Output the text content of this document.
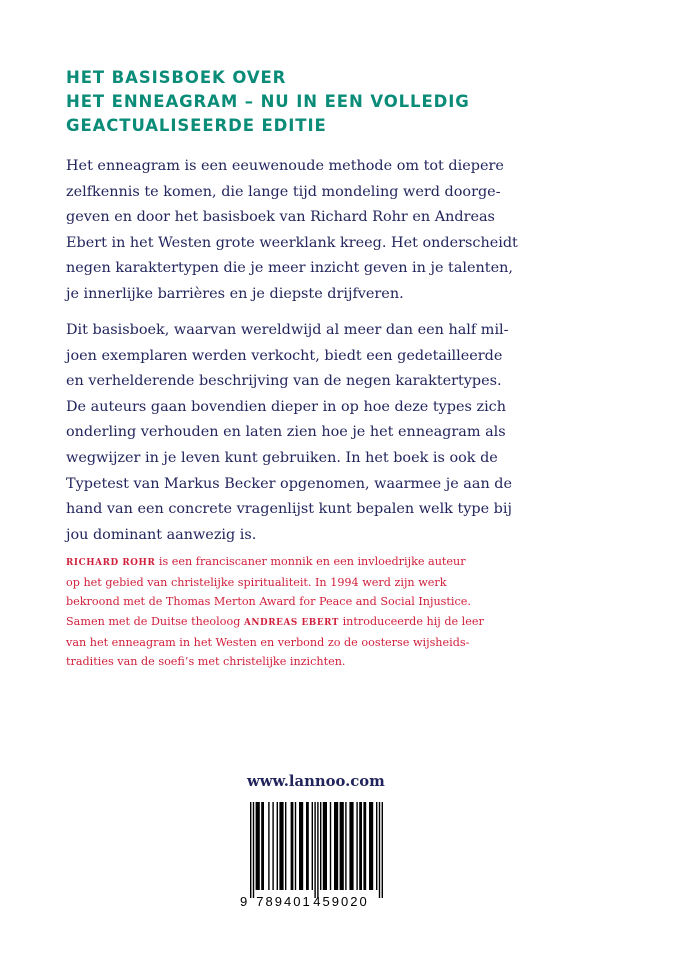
HET BASISBOEK OVER
HET ENNEAGRAM – NU IN EEN VOLLEDIG
GEACTUALISEERDE EDITIE
Het enneagram is een eeuwenoude methode om tot diepere
zelfkennis te komen, die lange tijd mondeling werd doorge-
geven en door het basisboek van Richard Rohr en Andreas
Ebert in het Westen grote weerklank kreeg. Het onderscheidt
negen karaktertypen die je meer inzicht geven in je talenten,
je innerlijke barrières en je diepste drijfveren.
Dit basisboek, waarvan wereldwijd al meer dan een half mil-
joen exemplaren werden verkocht, biedt een gedetailleerde
en verhelderende beschrijving van de negen karaktertypes.
De auteurs gaan bovendien dieper in op hoe deze types zich
onderling verhouden en laten zien hoe je het enneagram als
wegwijzer in je leven kunt gebruiken. In het boek is ook de
Typetest van Markus Becker opgenomen, waarmee je aan de
hand van een concrete vragenlijst kunt bepalen welk type bij
jou dominant aanwezig is.
RICHARD ROHR is een franciscaner monnik en een invloedrijke auteur
op het gebied van christelijke spiritualiteit. In 1994 werd zijn werk
bekroond met de Thomas Merton Award for Peace and Social Injustice.
Samen met de Duitse theoloog ANDREAS EBERT introduceerde hij de leer
van het enneagram in het Westen en verbond zo de oosterse wijsheids-
tradities van de soefi’s met christelijke inzichten.
www.lannoo.com
9 789401 459020
